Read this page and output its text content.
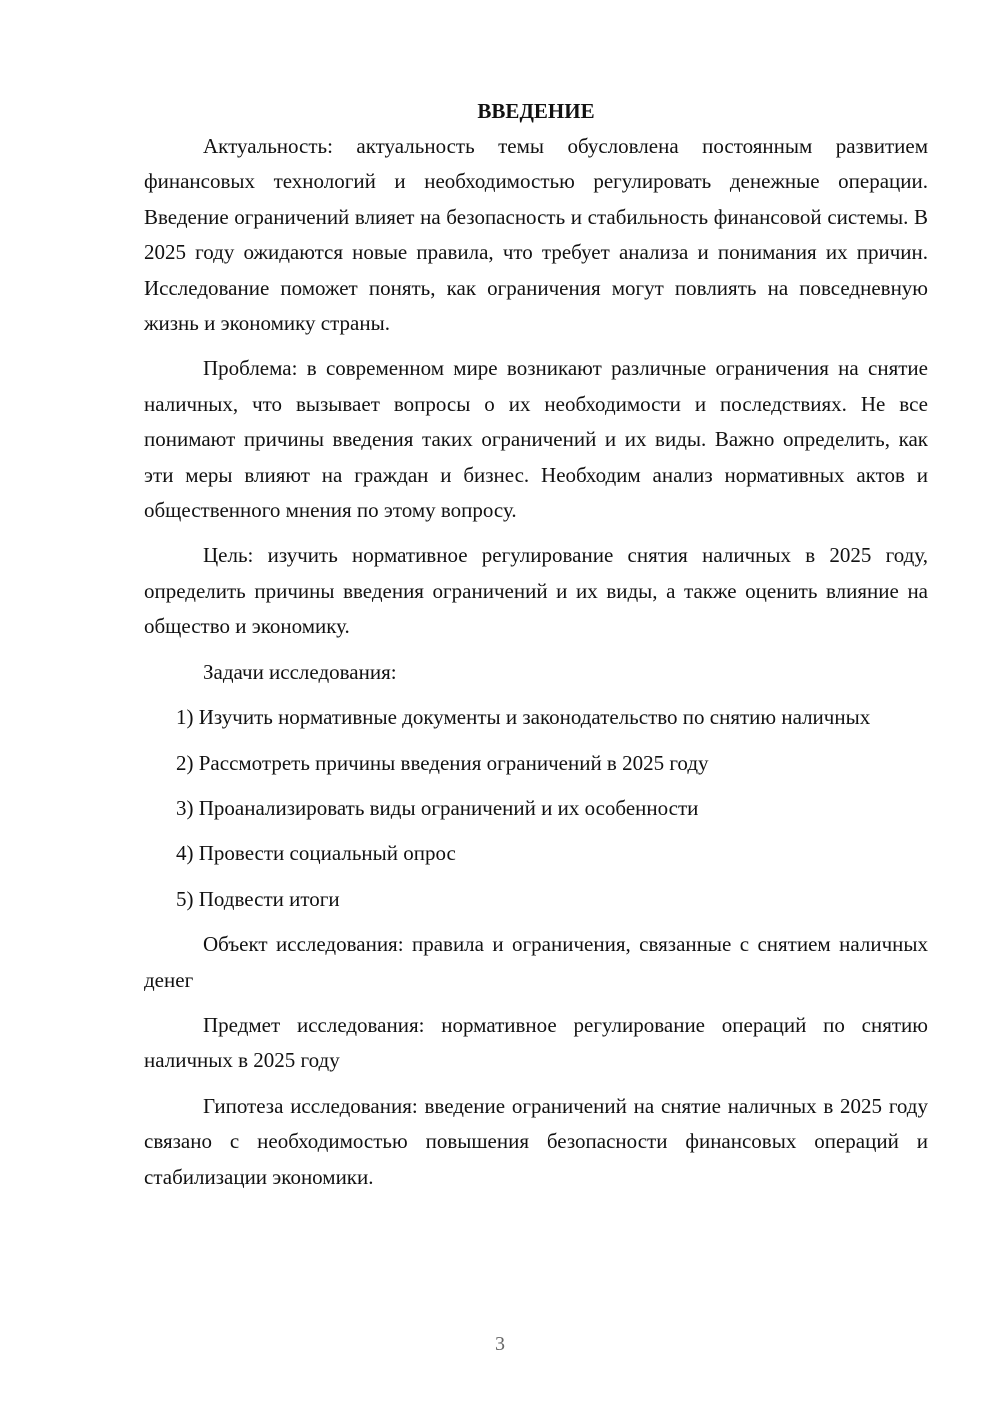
ВВЕДЕНИЕ

Актуальность: актуальность темы обусловлена постоянным развитием финансовых технологий и необходимостью регулировать денежные операции. Введение ограничений влияет на безопасность и стабильность финансовой системы. В 2025 году ожидаются новые правила, что требует анализа и понимания их причин. Исследование поможет понять, как ограничения могут повлиять на повседневную жизнь и экономику страны.

Проблема: в современном мире возникают различные ограничения на снятие наличных, что вызывает вопросы о их необходимости и последствиях. Не все понимают причины введения таких ограничений и их виды. Важно определить, как эти меры влияют на граждан и бизнес. Необходим анализ нормативных актов и общественного мнения по этому вопросу.

Цель: изучить нормативное регулирование снятия наличных в 2025 году, определить причины введения ограничений и их виды, а также оценить влияние на общество и экономику.

Задачи исследования:

1) Изучить нормативные документы и законодательство по снятию наличных

2) Рассмотреть причины введения ограничений в 2025 году

3) Проанализировать виды ограничений и их особенности

4) Провести социальный опрос

5) Подвести итоги

Объект исследования: правила и ограничения, связанные с снятием наличных денег

Предмет исследования: нормативное регулирование операций по снятию наличных в 2025 году

Гипотеза исследования: введение ограничений на снятие наличных в 2025 году связано с необходимостью повышения безопасности финансовых операций и стабилизации экономики.

3
